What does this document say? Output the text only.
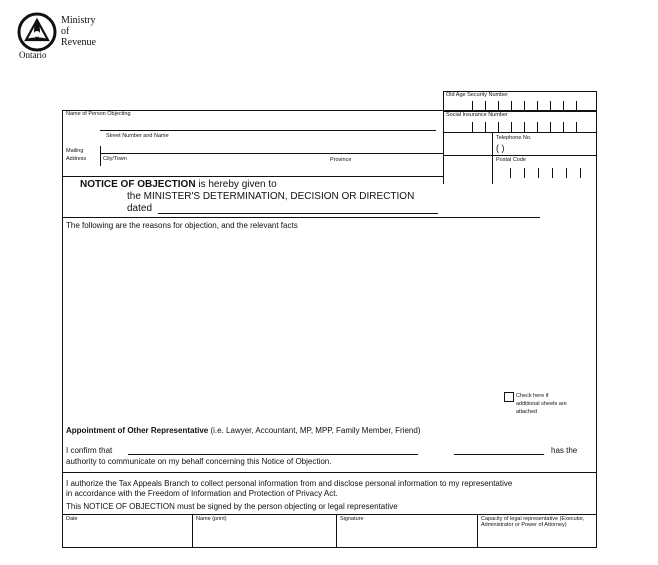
Ministry
of
Revenue
Ontario
Old Age Security Number
Social Insurance Number
Telephone No.
( )
Postal Code
Name of Person Objecting
Street Number and Name
Mailing
Address	City/Town	Province
NOTICE OF OBJECTION is hereby given to
the MINISTER'S DETERMINATION, DECISION OR DIRECTION
dated
The following are the reasons for objection, and the relevant facts
Check here if
additional sheets are
attached
Appointment of Other Representative (i.e. Lawyer, Accountant, MP, MPP, Family Member, Friend)
I confirm that	has the
authority to communicate on my behalf concerning this Notice of Objection.
I authorize the Tax Appeals Branch to collect personal information from and disclose personal information to my representative
in accordance with the Freedom of Information and Protection of Privacy Act.
This NOTICE OF OBJECTION must be signed by the person objecting or legal representative
Date	Name (print)	Signature	Capacity of legal representative (Executor, Administrator or Power of Attorney)
